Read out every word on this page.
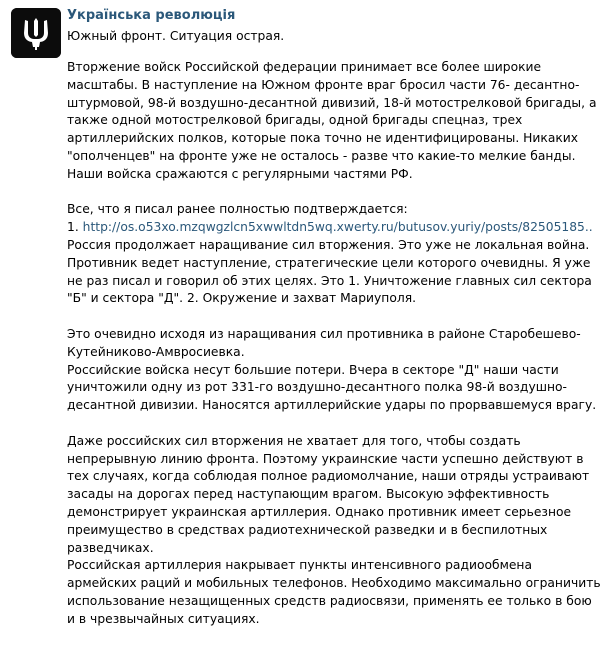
Українська революція
Южный фронт. Ситуация острая.

Вторжение войск Российской федерации принимает все более широкие масштабы. В наступление на Южном фронте враг бросил части 76- десантно-штурмовой, 98-й воздушно-десантной дивизий, 18-й мотострелковой бригады, а также одной мотострелковой бригады, одной бригады спецназ, трех артиллерийских полков, которые пока точно не идентифицированы. Никаких "ополченцев" на фронте уже не осталось - разве что какие-то мелкие банды. Наши войска сражаются с регулярными частями РФ.

Все, что я писал ранее полностью подтверждается:
1. http://os.o53xo.mzqwgzlcn5xwwltdn5wq.xwerty.ru/butusov.yuriy/posts/82505185..
Россия продолжает наращивание сил вторжения. Это уже не локальная война. Противник ведет наступление, стратегические цели которого очевидны. Я уже не раз писал и говорил об этих целях. Это 1. Уничтожение главных сил сектора "Б" и сектора "Д". 2. Окружение и захват Мариуполя.

Это очевидно исходя из наращивания сил противника в районе Старобешево-Кутейниково-Амвросиевка.
Российские войска несут большие потери. Вчера в секторе "Д" наши части уничтожили одну из рот 331-го воздушно-десантного полка 98-й воздушно-десантной дивизии. Наносятся артиллерийские удары по прорвавшемуся врагу.

Даже российских сил вторжения не хватает для того, чтобы создать непрерывную линию фронта. Поэтому украинские части успешно действуют в тех случаях, когда соблюдая полное радиомолчание, наши отряды устраивают засады на дорогах перед наступающим врагом. Высокую эффективность демонстрирует украинская артиллерия. Однако противник имеет серьезное преимущество в средствах радиотехнической разведки и в беспилотных разведчиках.
Российская артиллерия накрывает пункты интенсивного радиообмена армейских раций и мобильных телефонов. Необходимо максимально ограничить использование незащищенных средств радиосвязи, применять ее только в бою и в чрезвычайных ситуациях.
